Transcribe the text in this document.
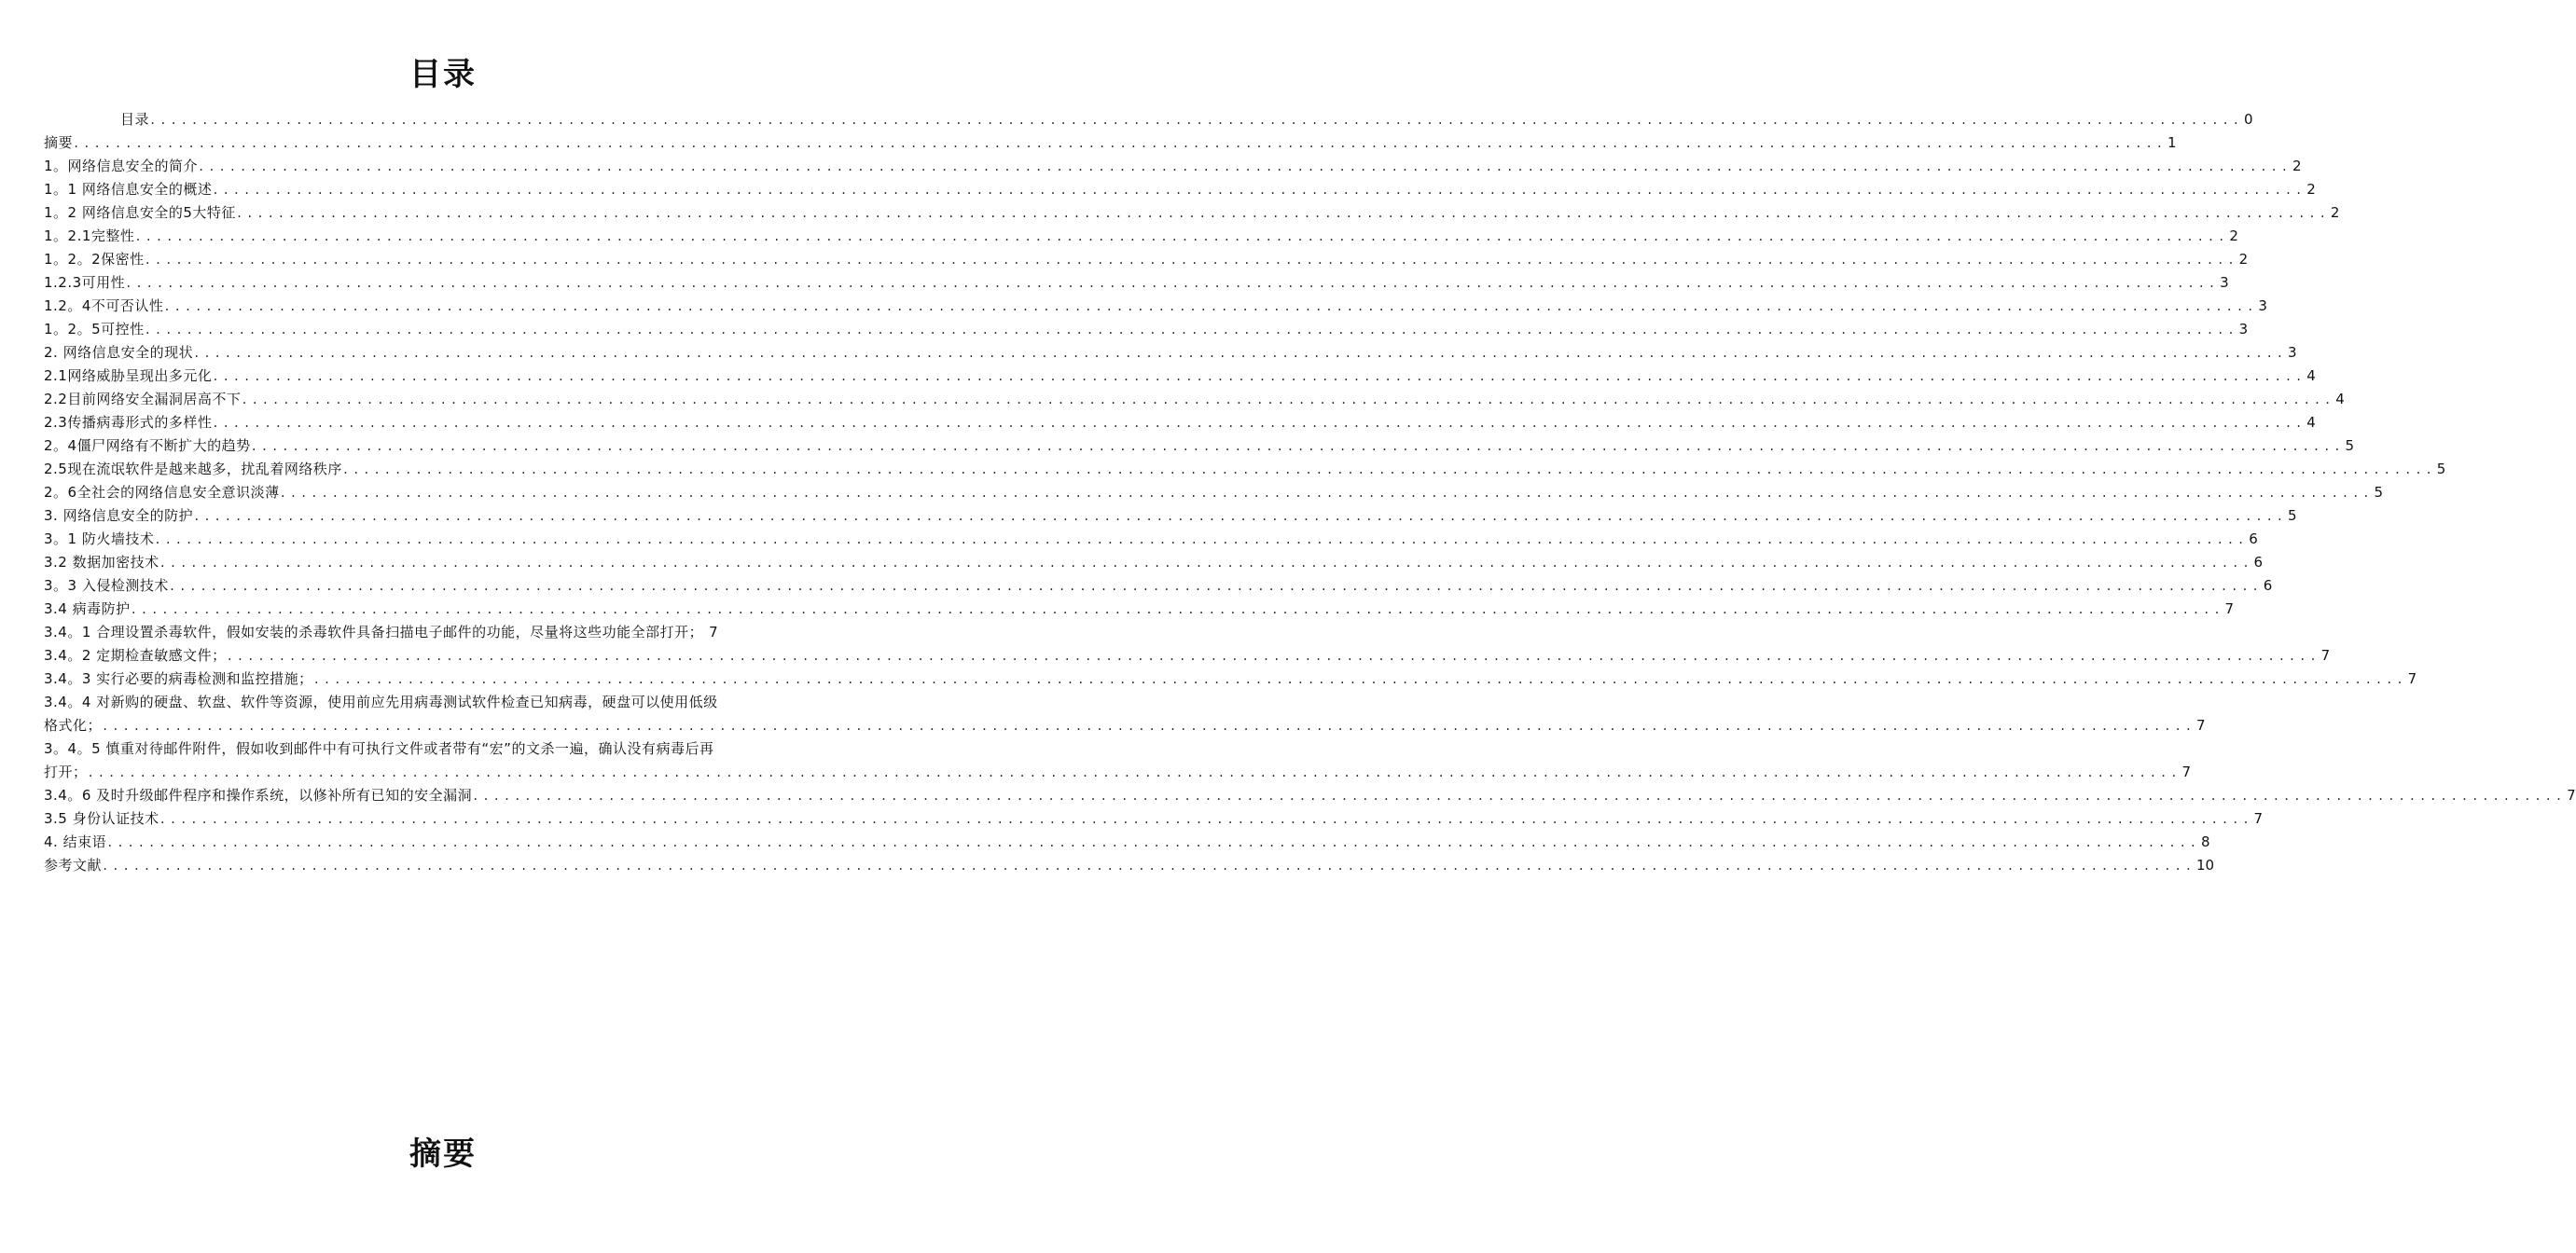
目录
目录 ........................................................................................................................................................................................................ 0
摘要 ........................................................................................................................................................................................................ 1
1。网络信息安全的简介 ........................................................................................................................................................................................................ 2
1。1 网络信息安全的概述 ........................................................................................................................................................................................................ 2
1。2 网络信息安全的5大特征 ........................................................................................................................................................................................................ 2
1。2.1完整性 ........................................................................................................................................................................................................ 2
1。2。2保密性 ........................................................................................................................................................................................................ 2
1.2.3可用性 ........................................................................................................................................................................................................ 3
1.2。4不可否认性 ........................................................................................................................................................................................................ 3
1。2。5可控性 ........................................................................................................................................................................................................ 3
2. 网络信息安全的现状 ........................................................................................................................................................................................................ 3
2.1网络威胁呈现出多元化 ........................................................................................................................................................................................................ 4
2.2目前网络安全漏洞居高不下 ........................................................................................................................................................................................................ 4
2.3传播病毒形式的多样性 ........................................................................................................................................................................................................ 4
2。4僵尸网络有不断扩大的趋势 ........................................................................................................................................................................................................ 5
2.5现在流氓软件是越来越多，扰乱着网络秩序 ........................................................................................................................................................................................................ 5
2。6全社会的网络信息安全意识淡薄 ........................................................................................................................................................................................................ 5
3. 网络信息安全的防护 ........................................................................................................................................................................................................ 5
3。1 防火墙技术 ........................................................................................................................................................................................................ 6
3.2 数据加密技术 ........................................................................................................................................................................................................ 6
3。3 入侵检测技术 ........................................................................................................................................................................................................ 6
3.4 病毒防护 ........................................................................................................................................................................................................ 7
3.4。1 合理设置杀毒软件，假如安装的杀毒软件具备扫描电子邮件的功能，尽量将这些功能全部打开； 7
3.4。2 定期检查敏感文件； ........................................................................................................................................................................................................ 7
3.4。3 实行必要的病毒检测和监控措施； ........................................................................................................................................................................................................ 7
3.4。4 对新购的硬盘、软盘、软件等资源，使用前应先用病毒测试软件检查已知病毒，硬盘可以使用低级
格式化； ........................................................................................................................................................................................................ 7
3。4。5 慎重对待邮件附件，假如收到邮件中有可执行文件或者带有“宏”的文杀一遍，确认没有病毒后再
打开； ........................................................................................................................................................................................................ 7
3.4。6 及时升级邮件程序和操作系统，以修补所有已知的安全漏洞 ........................................................................................................................................................................................................ 7
3.5 身份认证技术 ........................................................................................................................................................................................................ 7
4. 结束语 ........................................................................................................................................................................................................ 8
参考文献 ........................................................................................................................................................................................................ 10
摘要
